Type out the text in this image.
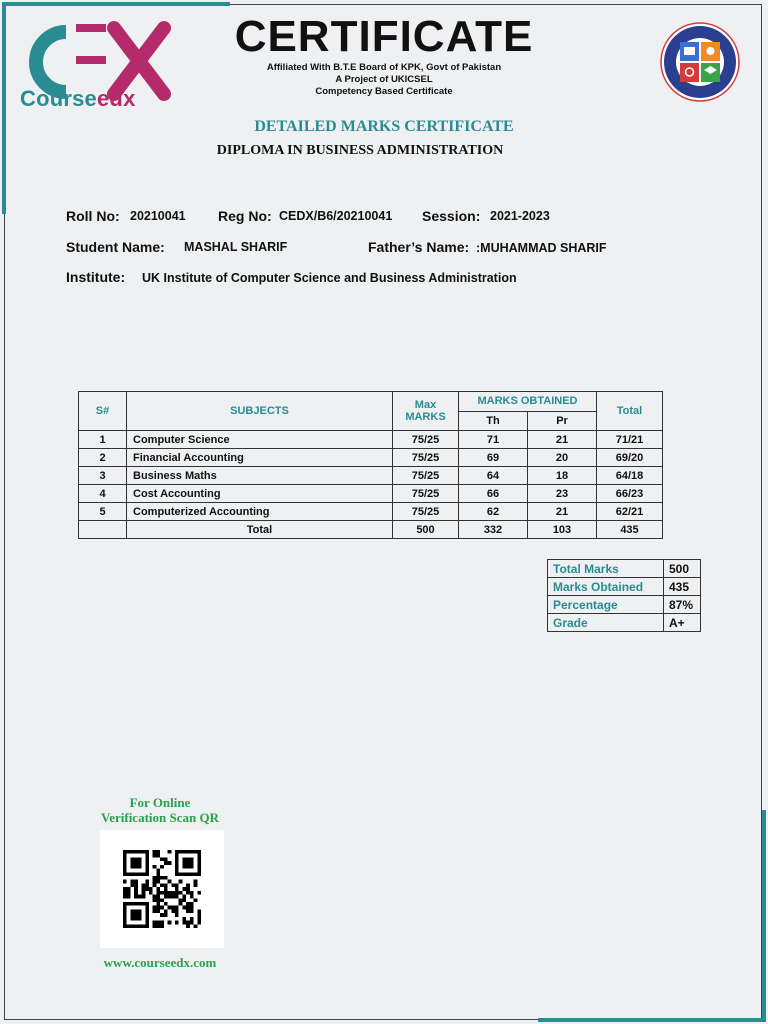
Courseedx
CERTIFICATE
Affiliated With B.T.E Board of KPK, Govt of Pakistan
A Project of UKICSEL
Competency Based Certificate
DETAILED MARKS CERTIFICATE
DIPLOMA IN BUSINESS ADMINISTRATION
Roll No: 20210041 Reg No: CEDX/B6/20210041 Session: 2021-2023
Student Name: MASHAL SHARIF	Father’s Name: :MUHAMMAD SHARIF
Institute: UK Institute of Computer Science and Business Administration
S#	SUBJECTS	Max MARKS	MARKS OBTAINED		Total
			Th	Pr	
1	Computer Science	75/25	71	21	71/21
2	Financial Accounting	75/25	69	20	69/20
3	Business Maths	75/25	64	18	64/18
4	Cost Accounting	75/25	66	23	66/23
5	Computerized Accounting	75/25	62	21	62/21
	Total	500	332	103	435
Total Marks	500
Marks Obtained	435
Percentage	87%
Grade	A+
For Online
Verification Scan QR
www.courseedx.com
